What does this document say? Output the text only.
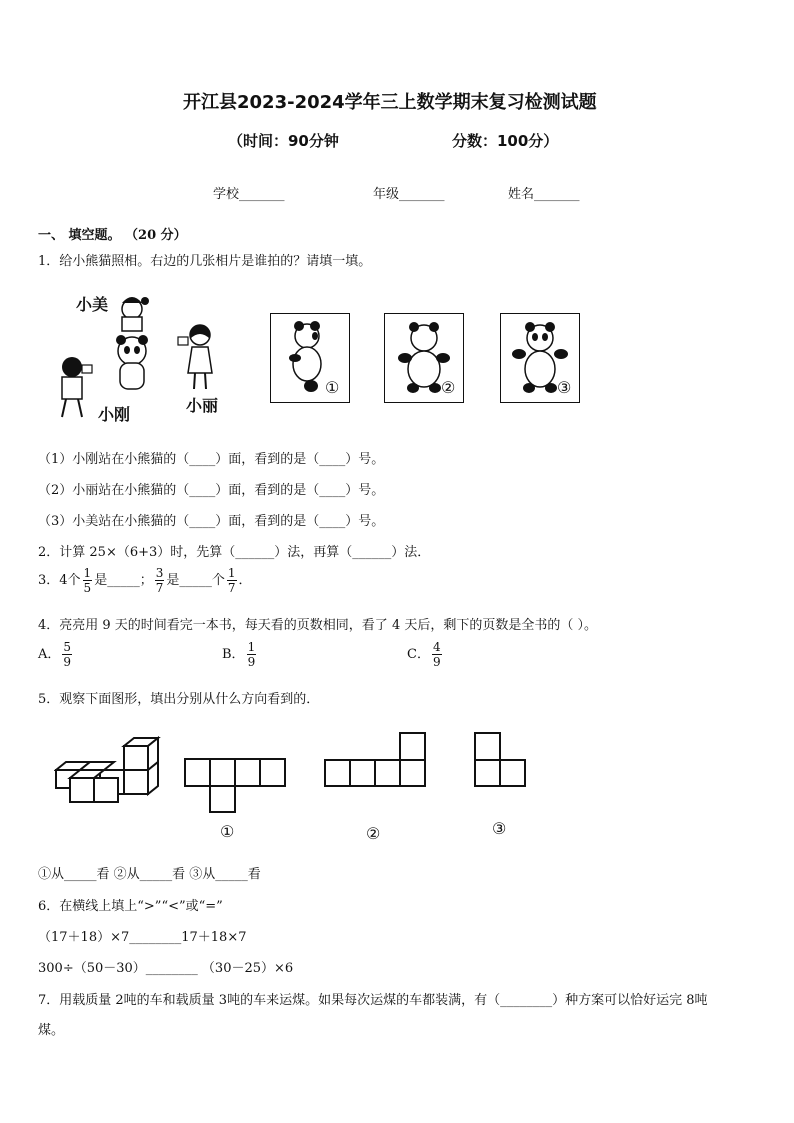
开江县2023-2024学年三上数学期末复习检测试题
（时间：90分钟	分数：100分）
学校_______	年级_______	姓名_______
一、 填空题。 （20 分）
1．给小熊猫照相。右边的几张相片是谁拍的？请填一填。
小美
小刚	小丽
①	②	③
（1）小刚站在小熊猫的（____）面，看到的是（____）号。
（2）小丽站在小熊猫的（____）面，看到的是（____）号。
（3）小美站在小熊猫的（____）面，看到的是（____）号。
2．计算 25×（6+3）时，先算（______）法，再算（______）法．
3．4个 $\frac{1}{5}$ 是_____； $\frac{3}{7}$ 是_____个 $\frac{1}{7}$ ．
4．亮亮用 9 天的时间看完一本书，每天看的页数相同，看了 4 天后，剩下的页数是全书的（ ）。
A． $\frac{5}{9}$	B． $\frac{1}{9}$	C． $\frac{4}{9}$
5．观察下面图形，填出分别从什么方向看到的．
①	②	③
①从_____看 ②从_____看 ③从_____看
6．在横线上填上“>”“<”或“=”
（17＋18）×7________17＋18×7
300÷（50－30）________ （30－25）×6
7．用载质量 2吨的车和载质量 3吨的车来运煤。如果每次运煤的车都装满，有（________）种方案可以恰好运完 8吨
煤。
